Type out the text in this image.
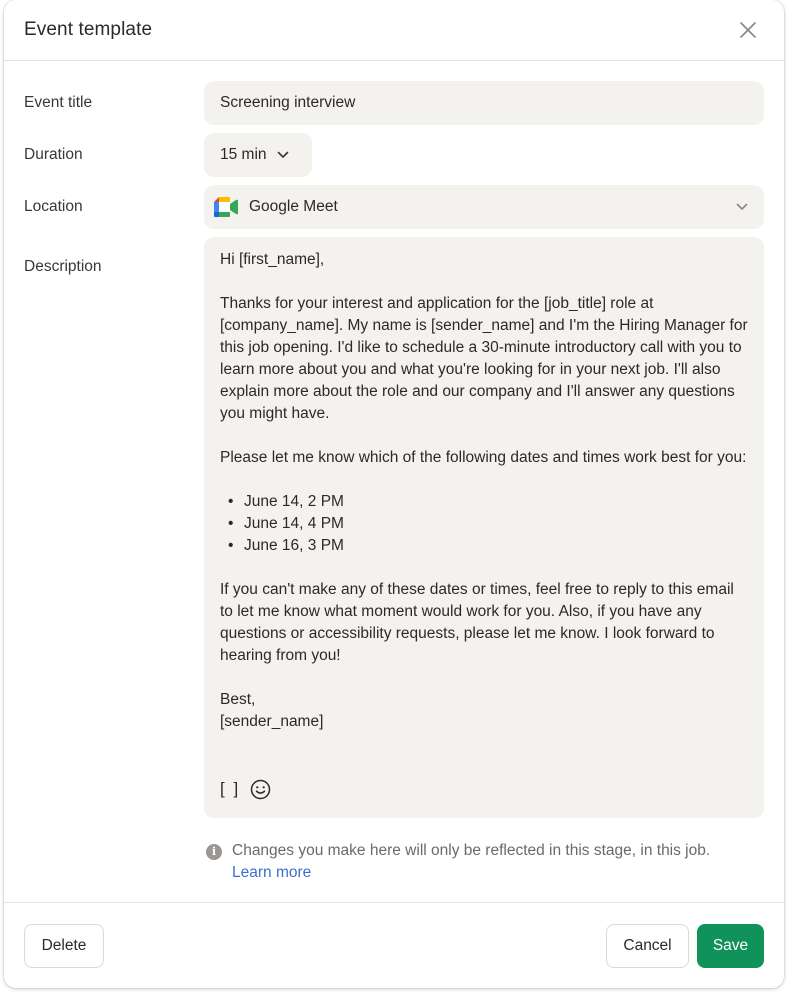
Event template
Event title	Screening interview
Duration	15 min
Location	Google Meet
Description	Hi [first_name],

Thanks for your interest and application for the [job_title] role at [company_name]. My name is [sender_name] and I'm the Hiring Manager for this job opening. I'd like to schedule a 30-minute introductory call with you to learn more about you and what you're looking for in your next job. I'll also explain more about the role and our company and I'll answer any questions you might have.

Please let me know which of the following dates and times work best for you:

• June 14, 2 PM
• June 14, 4 PM
• June 16, 3 PM

If you can't make any of these dates or times, feel free to reply to this email to let me know what moment would work for you. Also, if you have any questions or accessibility requests, please let me know. I look forward to hearing from you!

Best,

[sender_name]

[ ]
i	Changes you make here will only be reflected in this stage, in this job.
Learn more
Delete	Cancel	Save
